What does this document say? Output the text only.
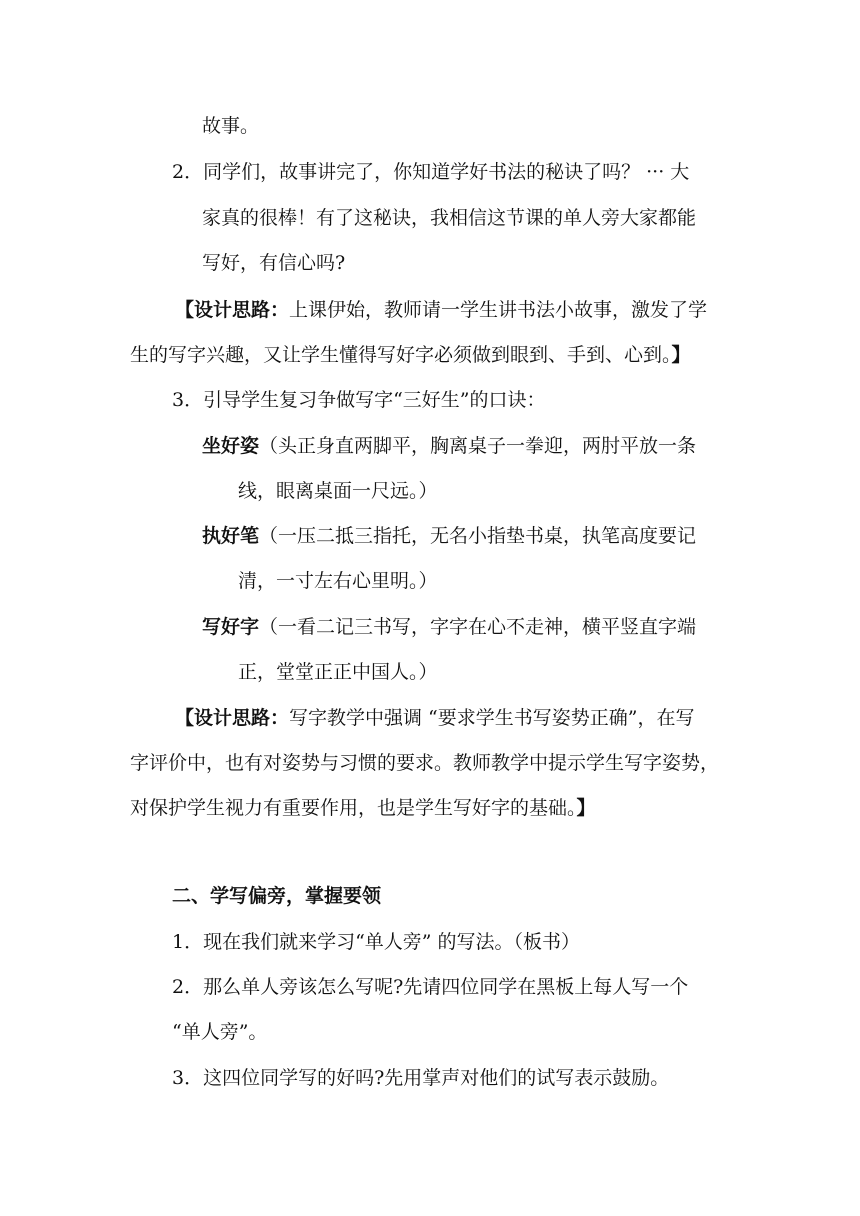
故事。
2．同学们，故事讲完了，你知道学好书法的秘诀了吗？ ··· 大
家真的很棒！有了这秘诀，我相信这节课的单人旁大家都能
写好，有信心吗?
【设计思路：上课伊始，教师请一学生讲书法小故事，激发了学
生的写字兴趣，又让学生懂得写好字必须做到眼到、手到、心到。】
3．引导学生复习争做写字“三好生”的口诀：
坐好姿（头正身直两脚平，胸离桌子一拳迎，两肘平放一条
线，眼离桌面一尺远。）
执好笔（一压二抵三指托，无名小指垫书桌，执笔高度要记
清，一寸左右心里明。）
写好字（一看二记三书写，字字在心不走神，横平竖直字端
正，堂堂正正中国人。）
【设计思路：写字教学中强调 “要求学生书写姿势正确”，在写
字评价中，也有对姿势与习惯的要求。教师教学中提示学生写字姿势，
对保护学生视力有重要作用，也是学生写好字的基础。】
二、学写偏旁，掌握要领
1．现在我们就来学习“单人旁” 的写法。（板书）
2．那么单人旁该怎么写呢?先请四位同学在黑板上每人写一个
“单人旁”。
3．这四位同学写的好吗?先用掌声对他们的试写表示鼓励。
